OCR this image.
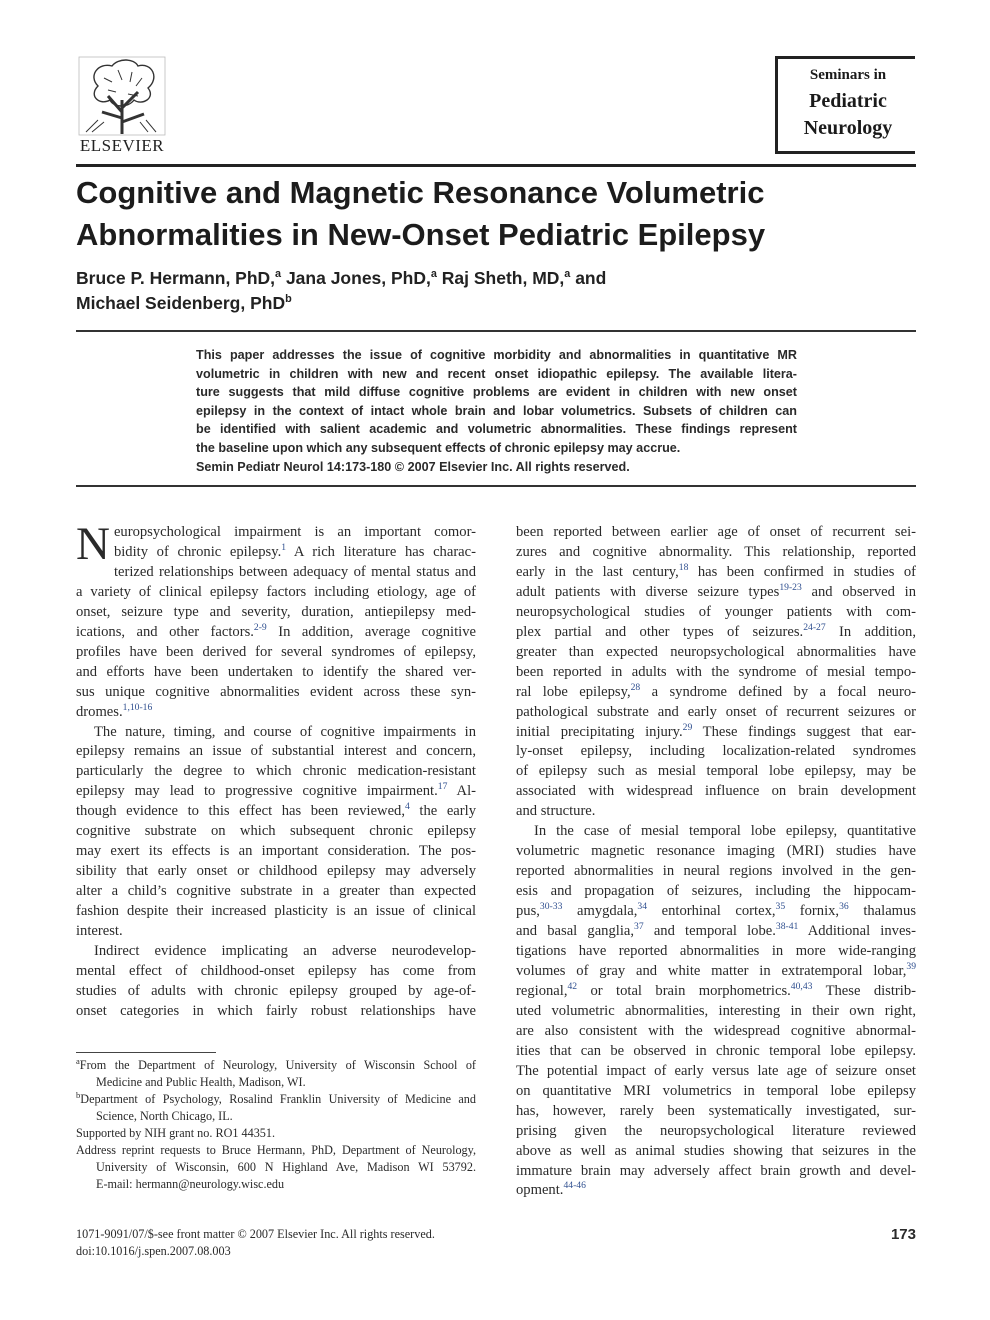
ELSEVIER
Seminars in
Pediatric
Neurology
Cognitive and Magnetic Resonance Volumetric
Abnormalities in New-Onset Pediatric Epilepsy
Bruce P. Hermann, PhD,$^a$ Jana Jones, PhD,$^a$ Raj Sheth, MD,$^a$ and
Michael Seidenberg, PhD$^b$
This paper addresses the issue of cognitive morbidity and abnormalities in quantitative MR
volumetric in children with new and recent onset idiopathic epilepsy. The available litera-
ture suggests that mild diffuse cognitive problems are evident in children with new onset
epilepsy in the context of intact whole brain and lobar volumetrics. Subsets of children can
be identified with salient academic and volumetric abnormalities. These findings represent
the baseline upon which any subsequent effects of chronic epilepsy may accrue.
Semin Pediatr Neurol 14:173-180 © 2007 Elsevier Inc. All rights reserved.

N europsychological impairment is an important comor-
bidity of chronic epilepsy.$^1$ A rich literature has charac-
terized relationships between adequacy of mental status and
a variety of clinical epilepsy factors including etiology, age of
onset, seizure type and severity, duration, antiepilepsy med-
ications, and other factors.$^{2-9}$ In addition, average cognitive
profiles have been derived for several syndromes of epilepsy,
and efforts have been undertaken to identify the shared ver-
sus unique cognitive abnormalities evident across these syn-
dromes.$^{1,10-16}$

The nature, timing, and course of cognitive impairments in
epilepsy remains an issue of substantial interest and concern,
particularly the degree to which chronic medication-resistant
epilepsy may lead to progressive cognitive impairment.$^{17}$ Al-
though evidence to this effect has been reviewed,$^4$ the early
cognitive substrate on which subsequent chronic epilepsy
may exert its effects is an important consideration. The pos-
sibility that early onset or childhood epilepsy may adversely
alter a child’s cognitive substrate in a greater than expected
fashion despite their increased plasticity is an issue of clinical
interest.

Indirect evidence implicating an adverse neurodevelop-
mental effect of childhood-onset epilepsy has come from
studies of adults with chronic epilepsy grouped by age-of-
onset categories in which fairly robust relationships have

been reported between earlier age of onset of recurrent sei-
zures and cognitive abnormality. This relationship, reported
early in the last century,$^{18}$ has been confirmed in studies of
adult patients with diverse seizure types$^{19-23}$ and observed in
neuropsychological studies of younger patients with com-
plex partial and other types of seizures.$^{24-27}$ In addition,
greater than expected neuropsychological abnormalities have
been reported in adults with the syndrome of mesial tempo-
ral lobe epilepsy,$^{28}$ a syndrome defined by a focal neuro-
pathological substrate and early onset of recurrent seizures or
initial precipitating injury.$^{29}$ These findings suggest that ear-
ly-onset epilepsy, including localization-related syndromes
of epilepsy such as mesial temporal lobe epilepsy, may be
associated with widespread influence on brain development
and structure.

In the case of mesial temporal lobe epilepsy, quantitative
volumetric magnetic resonance imaging (MRI) studies have
reported abnormalities in neural regions involved in the gen-
esis and propagation of seizures, including the hippocam-
pus,$^{30-33}$ amygdala,$^{34}$ entorhinal cortex,$^{35}$ fornix,$^{36}$ thalamus
and basal ganglia,$^{37}$ and temporal lobe.$^{38-41}$ Additional inves-
tigations have reported abnormalities in more wide-ranging
volumes of gray and white matter in extratemporal lobar,$^{39}$
regional,$^{42}$ or total brain morphometrics.$^{40,43}$ These distrib-
uted volumetric abnormalities, interesting in their own right,
are also consistent with the widespread cognitive abnormal-
ities that can be observed in chronic temporal lobe epilepsy.
The potential impact of early versus late age of seizure onset
on quantitative MRI volumetrics in temporal lobe epilepsy
has, however, rarely been systematically investigated, sur-
prising given the neuropsychological literature reviewed
above as well as animal studies showing that seizures in the
immature brain may adversely affect brain growth and devel-
opment.$^{44-46}$

$^a$From the Department of Neurology, University of Wisconsin School of
Medicine and Public Health, Madison, WI.
$^b$Department of Psychology, Rosalind Franklin University of Medicine and
Science, North Chicago, IL.
Supported by NIH grant no. RO1 44351.
Address reprint requests to Bruce Hermann, PhD, Department of Neurology,
University of Wisconsin, 600 N Highland Ave, Madison WI 53792.
E-mail: hermann@neurology.wisc.edu
1071-9091/07/$-see front matter © 2007 Elsevier Inc. All rights reserved.
doi:10.1016/j.spen.2007.08.003
173
